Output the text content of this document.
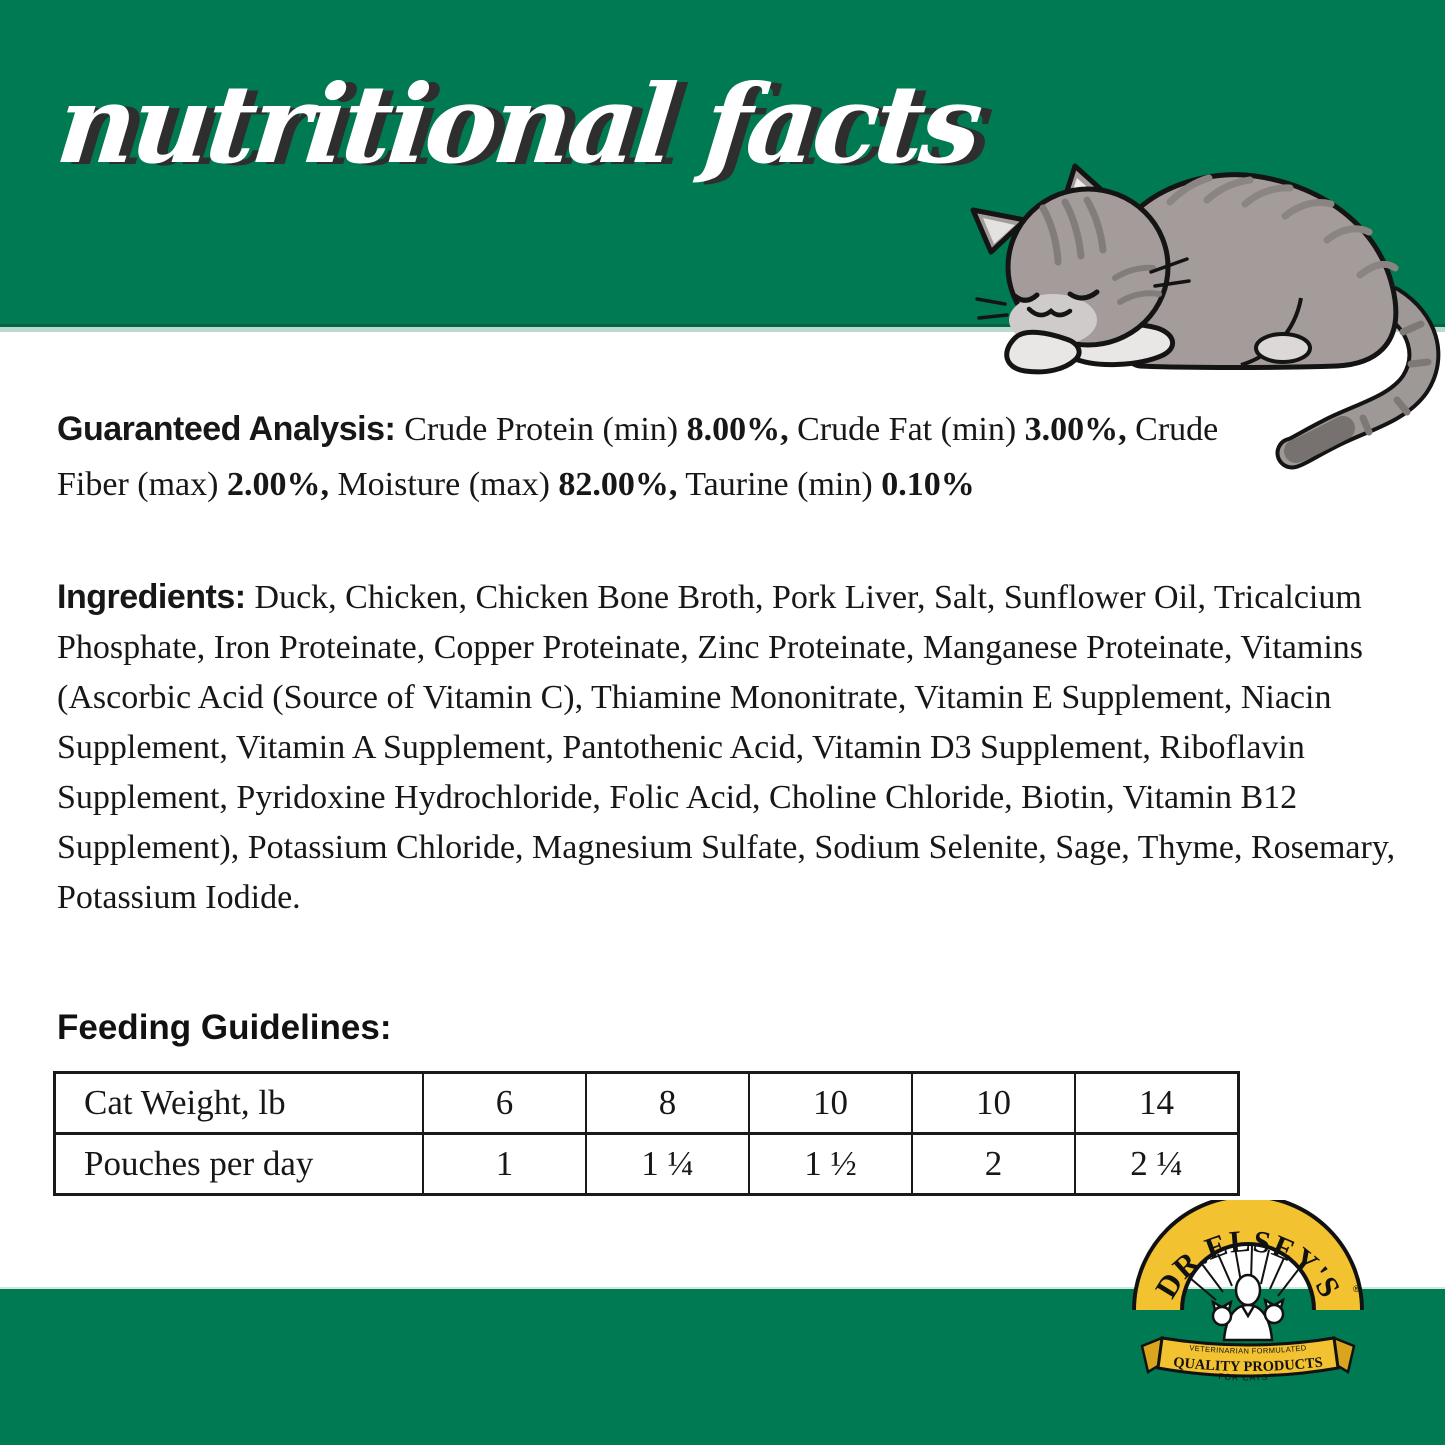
nutritional facts

Guaranteed Analysis: Crude Protein (min) 8.00%, Crude Fat (min) 3.00%, Crude Fiber (max) 2.00%, Moisture (max) 82.00%, Taurine (min) 0.10%

Ingredients: Duck, Chicken, Chicken Bone Broth, Pork Liver, Salt, Sunflower Oil, Tricalcium Phosphate, Iron Proteinate, Copper Proteinate, Zinc Proteinate, Manganese Proteinate, Vitamins (Ascorbic Acid (Source of Vitamin C), Thiamine Mononitrate, Vitamin E Supplement, Niacin Supplement, Vitamin A Supplement, Pantothenic Acid, Vitamin D3 Supplement, Riboflavin Supplement, Pyridoxine Hydrochloride, Folic Acid, Choline Chloride, Biotin, Vitamin B12 Supplement), Potassium Chloride, Magnesium Sulfate, Sodium Selenite, Sage, Thyme, Rosemary, Potassium Iodide.

Feeding Guidelines:
Cat Weight, lb	6	8	10	10	14
Pouches per day	1	1 ¼	1 ½	2	2 ¼
DR.ELSEY'S ®
VETERINARIAN FORMULATED
QUALITY PRODUCTS
FOR CATS™
